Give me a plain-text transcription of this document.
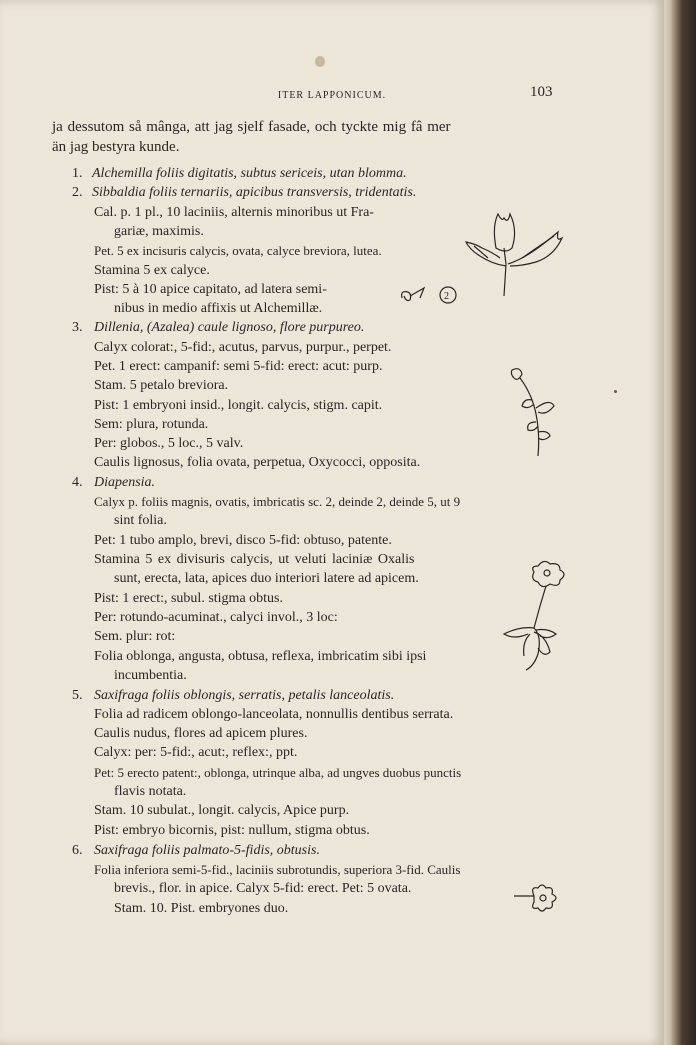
ITER LAPPONICUM.	103
ja dessutom så mânga, att jag sjelf fasade, och tyckte mig fâ mer
än jag bestyra kunde.
1.
2.
3.
4.
5.
6.
Alchemilla foliis digitatis, subtus sericeis, utan blomma.
Sibbaldia foliis ternariis, apicibus transversis, tridentatis.
Cal. p. 1 pl., 10 laciniis, alternis minoribus ut Fra-
gariæ, maximis.
Pet. 5 ex incisuris calycis, ovata, calyce breviora, lutea.
Stamina 5 ex calyce.
Pist: 5 à 10 apice capitato, ad latera semi-
nibus in medio affixis ut Alchemillæ.
Dillenia, (Azalea) caule lignoso, flore purpureo.
Calyx colorat:, 5-fid:, acutus, parvus, purpur., perpet.
Pet. 1 erect: campanif: semi 5-fid: erect: acut: purp.
Stam. 5 petalo breviora.
Pist: 1 embryoni insid., longit. calycis, stigm. capit.
Sem: plura, rotunda.
Per: globos., 5 loc., 5 valv.
Caulis lignosus, folia ovata, perpetua, Oxycocci, opposita.
Diapensia.
Calyx p. foliis magnis, ovatis, imbricatis sc. 2, deinde 2, deinde 5, ut 9
sint folia.
Pet: 1 tubo amplo, brevi, disco 5-fid: obtuso, patente.
Stamina 5 ex divisuris calycis, ut veluti laciniæ Oxalis
sunt, erecta, lata, apices duo interiori latere ad apicem.
Pist: 1 erect:, subul. stigma obtus.
Per: rotundo-acuminat., calyci invol., 3 loc:
Sem. plur: rot:
Folia oblonga, angusta, obtusa, reflexa, imbricatim sibi ipsi
incumbentia.
Saxifraga foliis oblongis, serratis, petalis lanceolatis.
Folia ad radicem oblongo-lanceolata, nonnullis dentibus serrata.
Caulis nudus, flores ad apicem plures.
Calyx: per: 5-fid:, acut:, reflex:, ppt.
Pet: 5 erecto patent:, oblonga, utrinque alba, ad ungves duobus punctis
flavis notata.
Stam. 10 subulat., longit. calycis, Apice purp.
Pist: embryo bicornis, pist: nullum, stigma obtus.
Saxifraga foliis palmato-5-fidis, obtusis.
Folia inferiora semi-5-fid., laciniis subrotundis, superiora 3-fid. Caulis
brevis., flor. in apice. Calyx 5-fid: erect. Pet: 5 ovata.
Stam. 10. Pist. embryones duo.
2
